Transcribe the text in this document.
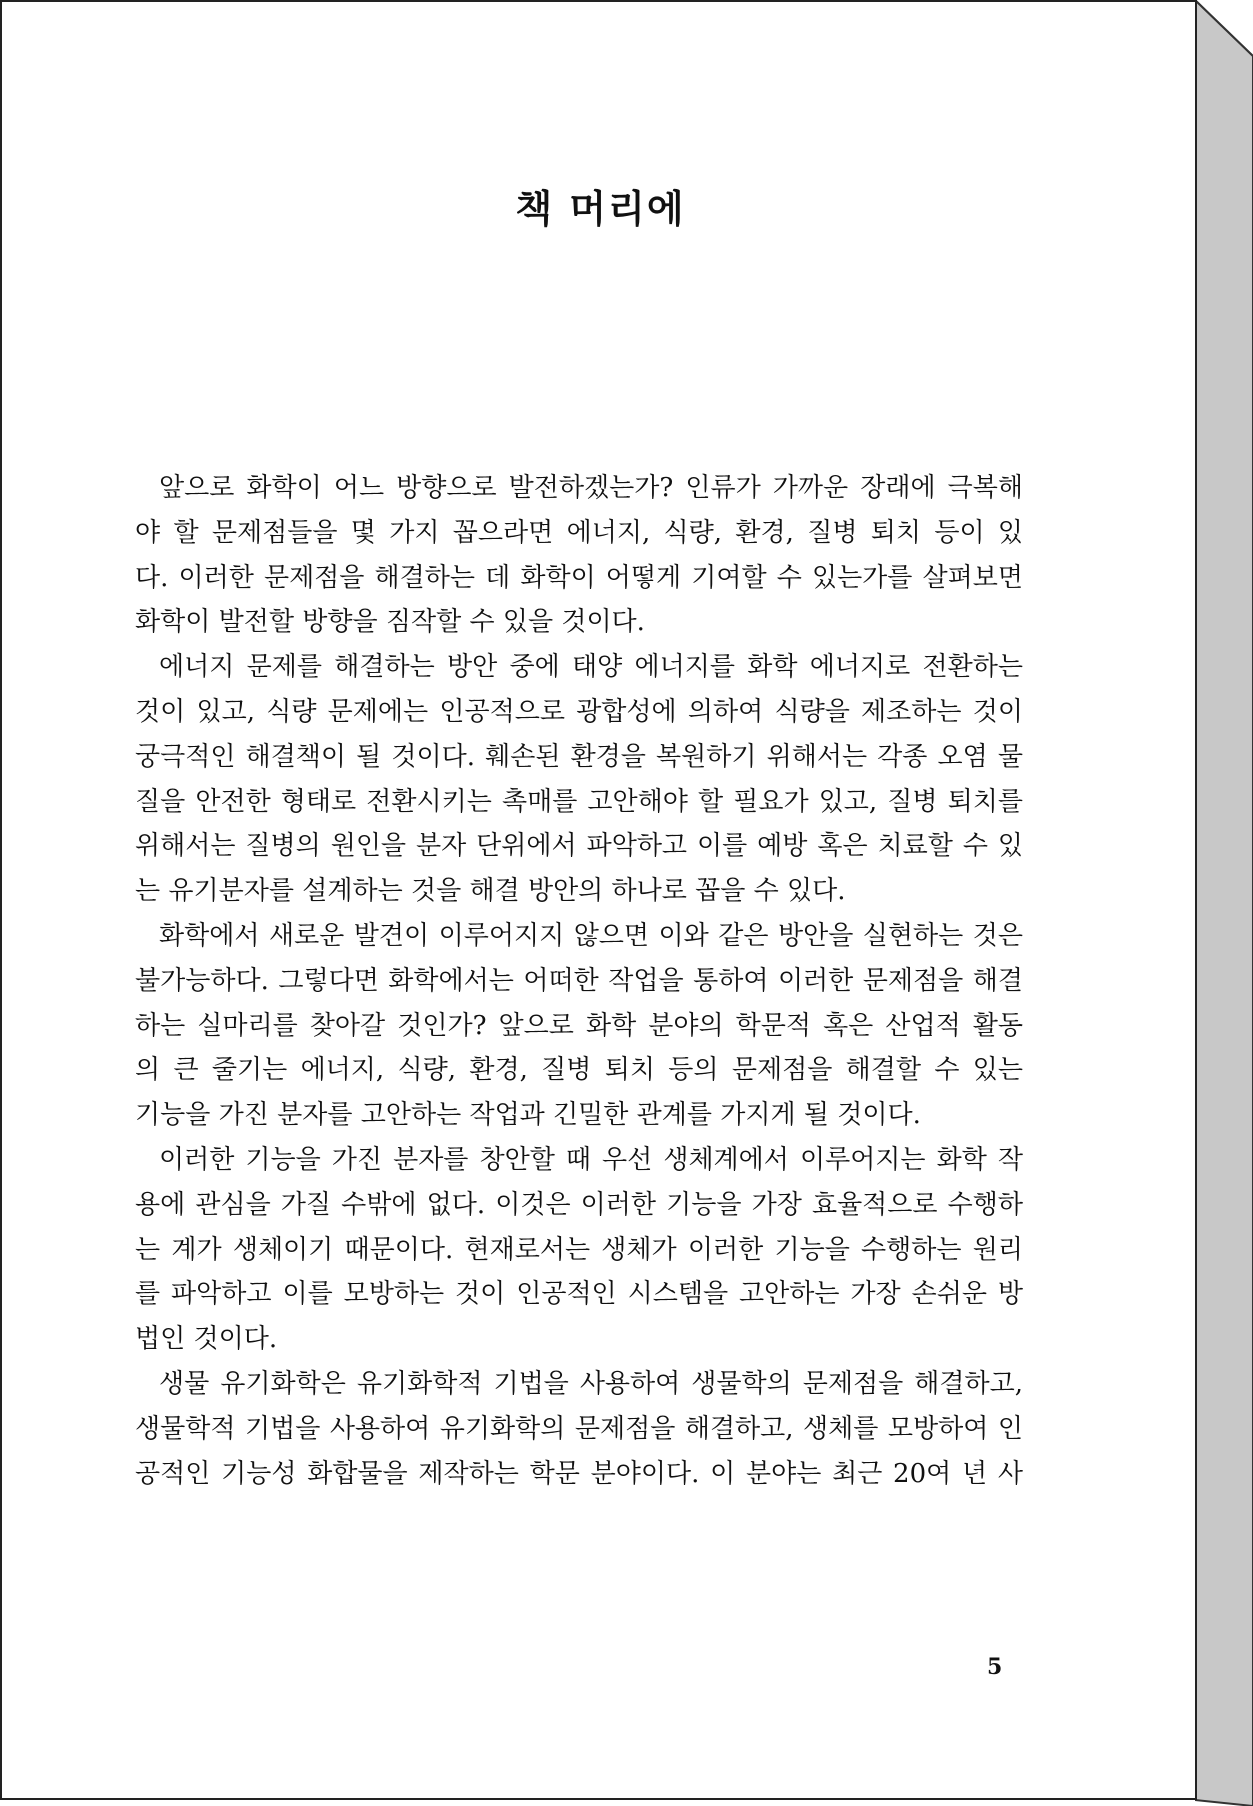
책 머리에
앞으로 화학이 어느 방향으로 발전하겠는가? 인류가 가까운 장래에 극복해
야 할 문제점들을 몇 가지 꼽으라면 에너지, 식량, 환경, 질병 퇴치 등이 있
다. 이러한 문제점을 해결하는 데 화학이 어떻게 기여할 수 있는가를 살펴보면
화학이 발전할 방향을 짐작할 수 있을 것이다.
에너지 문제를 해결하는 방안 중에 태양 에너지를 화학 에너지로 전환하는
것이 있고, 식량 문제에는 인공적으로 광합성에 의하여 식량을 제조하는 것이
궁극적인 해결책이 될 것이다. 훼손된 환경을 복원하기 위해서는 각종 오염 물
질을 안전한 형태로 전환시키는 촉매를 고안해야 할 필요가 있고, 질병 퇴치를
위해서는 질병의 원인을 분자 단위에서 파악하고 이를 예방 혹은 치료할 수 있
는 유기분자를 설계하는 것을 해결 방안의 하나로 꼽을 수 있다.
화학에서 새로운 발견이 이루어지지 않으면 이와 같은 방안을 실현하는 것은
불가능하다. 그렇다면 화학에서는 어떠한 작업을 통하여 이러한 문제점을 해결
하는 실마리를 찾아갈 것인가? 앞으로 화학 분야의 학문적 혹은 산업적 활동
의 큰 줄기는 에너지, 식량, 환경, 질병 퇴치 등의 문제점을 해결할 수 있는
기능을 가진 분자를 고안하는 작업과 긴밀한 관계를 가지게 될 것이다.
이러한 기능을 가진 분자를 창안할 때 우선 생체계에서 이루어지는 화학 작
용에 관심을 가질 수밖에 없다. 이것은 이러한 기능을 가장 효율적으로 수행하
는 계가 생체이기 때문이다. 현재로서는 생체가 이러한 기능을 수행하는 원리
를 파악하고 이를 모방하는 것이 인공적인 시스템을 고안하는 가장 손쉬운 방
법인 것이다.
생물 유기화학은 유기화학적 기법을 사용하여 생물학의 문제점을 해결하고,
생물학적 기법을 사용하여 유기화학의 문제점을 해결하고, 생체를 모방하여 인
공적인 기능성 화합물을 제작하는 학문 분야이다. 이 분야는 최근 20여 년 사
5
